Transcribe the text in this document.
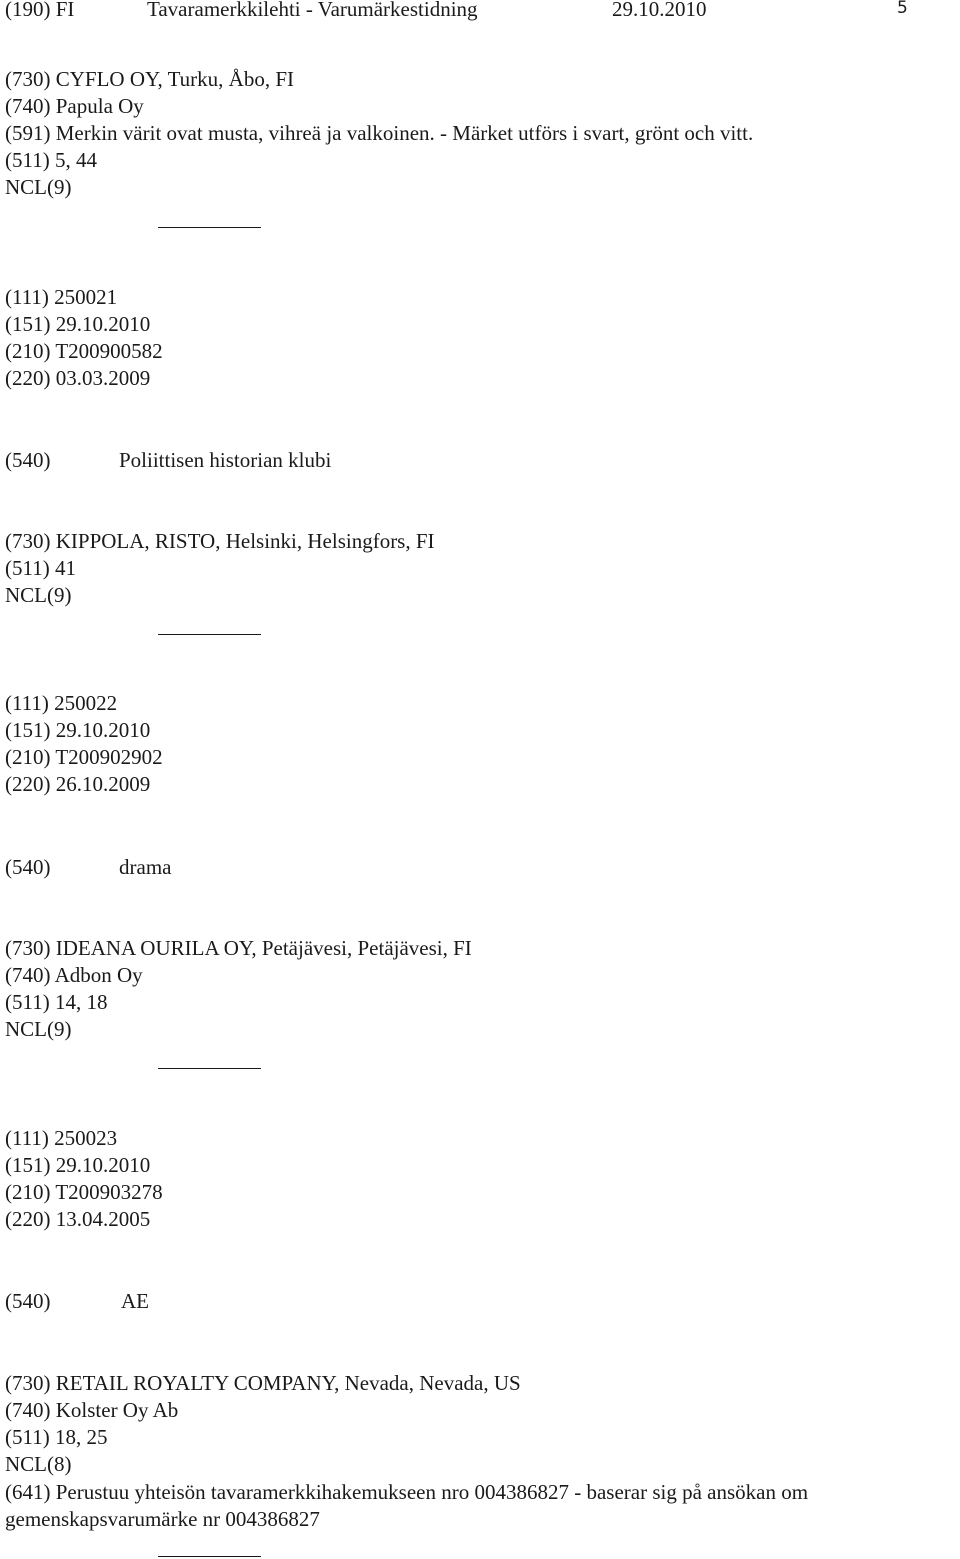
(190) FI	Tavaramerkkilehti - Varumärkestidning	29.10.2010	5
(730) CYFLO OY, Turku, Åbo, FI
(740) Papula Oy
(591) Merkin värit ovat musta, vihreä ja valkoinen. - Märket utförs i svart, grönt och vitt.
(511) 5, 44
NCL(9)
(111) 250021
(151) 29.10.2010
(210) T200900582
(220) 03.03.2009
(540)	Poliittisen historian klubi
(730) KIPPOLA, RISTO, Helsinki, Helsingfors, FI
(511) 41
NCL(9)
(111) 250022
(151) 29.10.2010
(210) T200902902
(220) 26.10.2009
(540)	drama
(730) IDEANA OURILA OY, Petäjävesi, Petäjävesi, FI
(740) Adbon Oy
(511) 14, 18
NCL(9)
(111) 250023
(151) 29.10.2010
(210) T200903278
(220) 13.04.2005
(540)	AE
(730) RETAIL ROYALTY COMPANY, Nevada, Nevada, US
(740) Kolster Oy Ab
(511) 18, 25
NCL(8)
(641) Perustuu yhteisön tavaramerkkihakemukseen nro 004386827 - baserar sig på ansökan om
gemenskapsvarumärke nr 004386827
